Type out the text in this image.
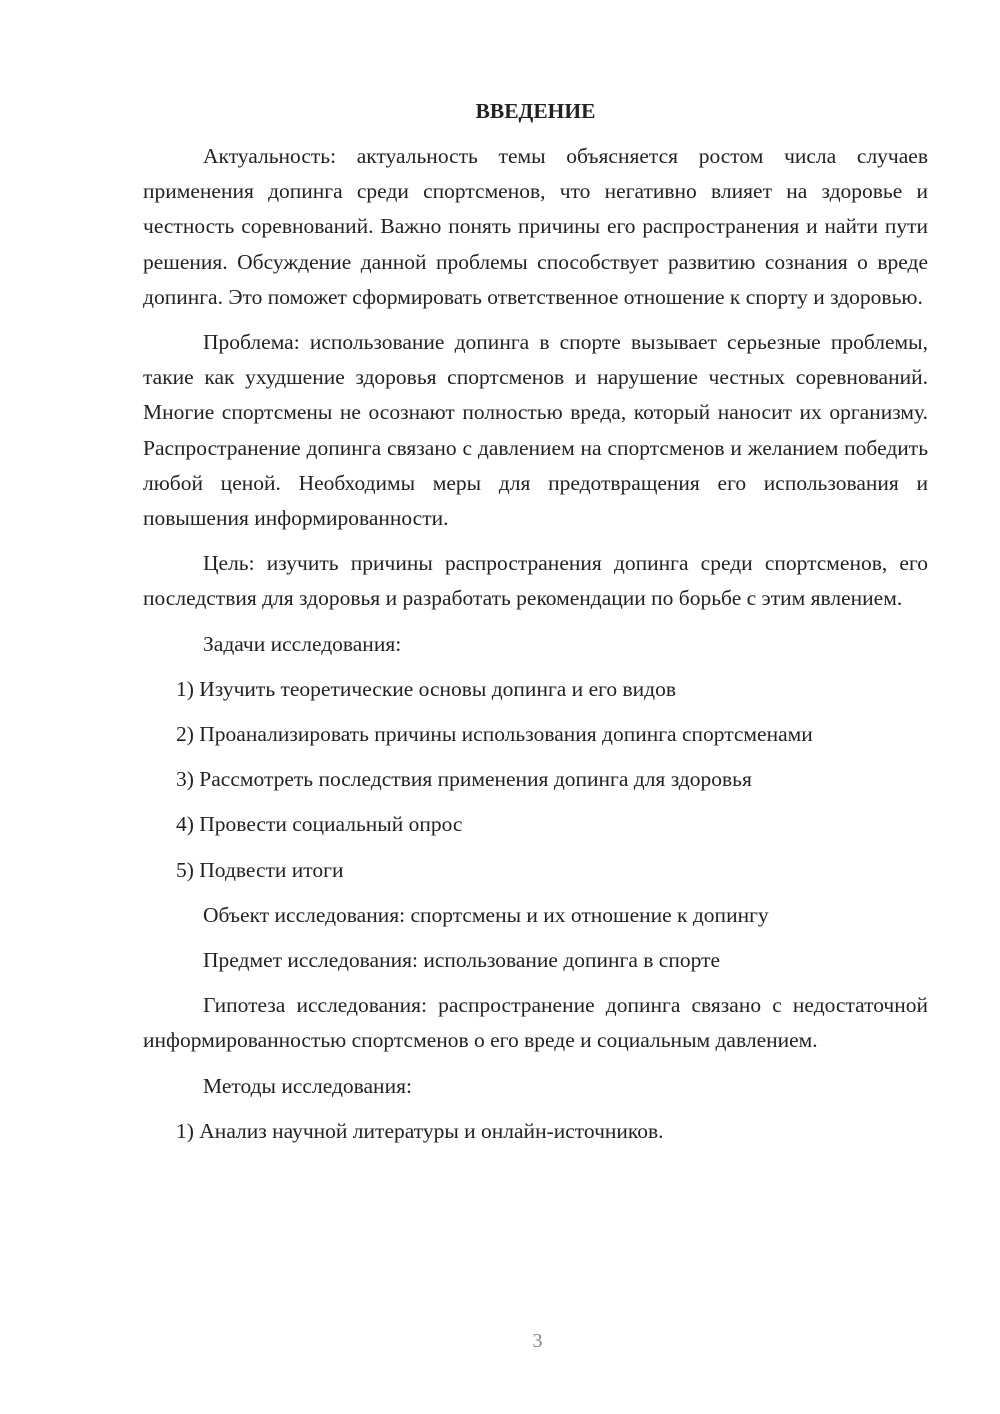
ВВЕДЕНИЕ
Актуальность: актуальность темы объясняется ростом числа случаев применения допинга среди спортсменов, что негативно влияет на здоровье и честность соревнований. Важно понять причины его распространения и найти пути решения. Обсуждение данной проблемы способствует развитию сознания о вреде допинга. Это поможет сформировать ответственное отношение к спорту и здоровью.
Проблема: использование допинга в спорте вызывает серьезные проблемы, такие как ухудшение здоровья спортсменов и нарушение честных соревнований. Многие спортсмены не осознают полностью вреда, который наносит их организму. Распространение допинга связано с давлением на спортсменов и желанием победить любой ценой. Необходимы меры для предотвращения его использования и повышения информированности.
Цель: изучить причины распространения допинга среди спортсменов, его последствия для здоровья и разработать рекомендации по борьбе с этим явлением.
Задачи исследования:
1) Изучить теоретические основы допинга и его видов
2) Проанализировать причины использования допинга спортсменами
3) Рассмотреть последствия применения допинга для здоровья
4) Провести социальный опрос
5) Подвести итоги
Объект исследования: спортсмены и их отношение к допингу
Предмет исследования: использование допинга в спорте
Гипотеза исследования: распространение допинга связано с недостаточной информированностью спортсменов о его вреде и социальным давлением.
Методы исследования:
1) Анализ научной литературы и онлайн-источников.
3
